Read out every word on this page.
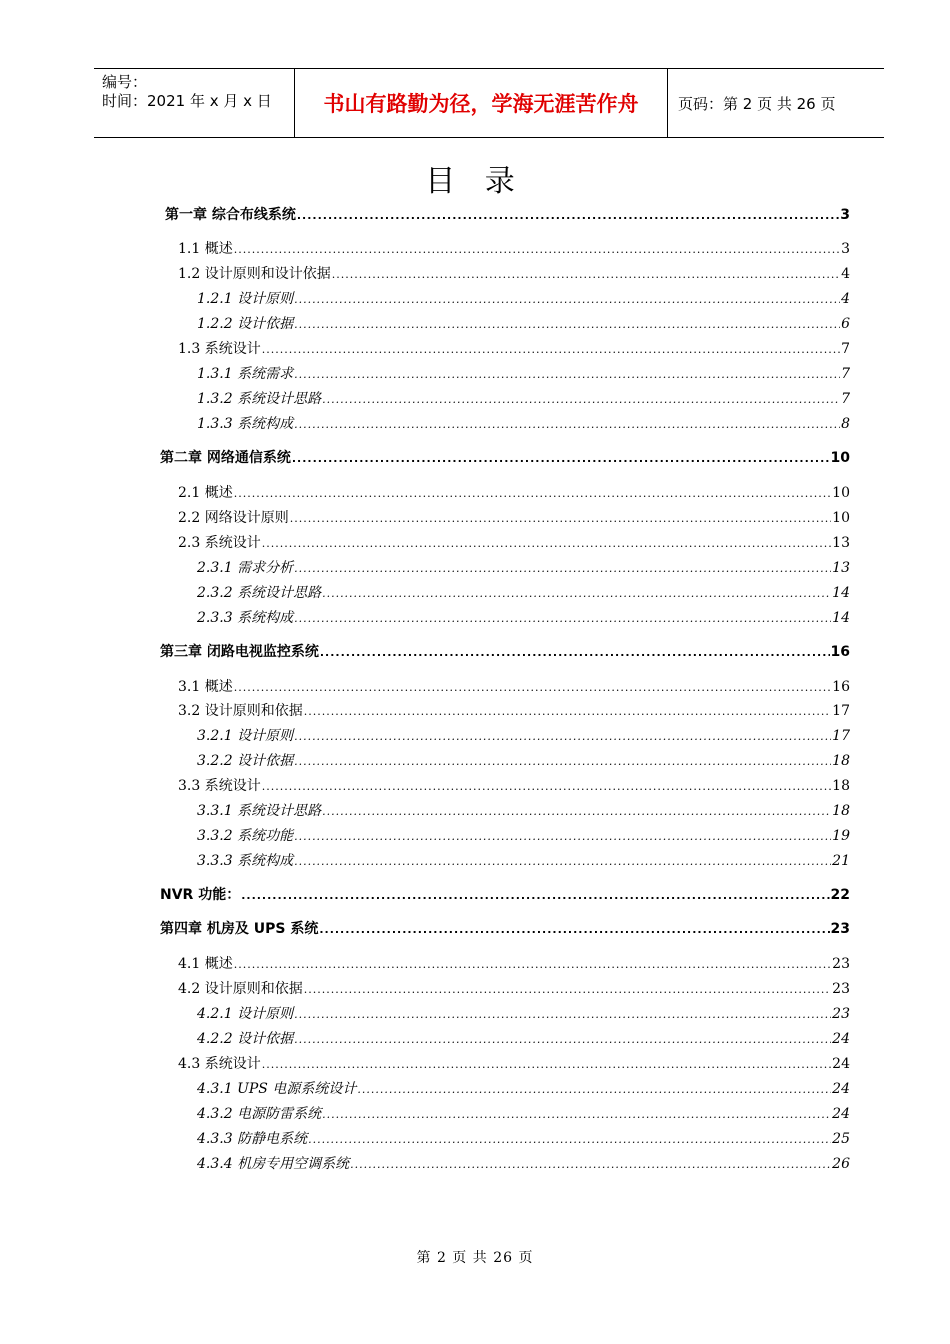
编号：
时间：2021 年 x 月 x 日	书山有路勤为径，学海无涯苦作舟	页码：第 2 页 共 26 页
目 录
第一章 综合布线系统 .....	3
1.1 概述 .....	3
1.2 设计原则和设计依据 .....	4
1.2.1 设计原则 .....	4
1.2.2 设计依据 .....	6
1.3 系统设计 .....	7
1.3.1 系统需求 .....	7
1.3.2 系统设计思路 .....	7
1.3.3 系统构成 .....	8
第二章 网络通信系统 .....	10
2.1 概述 .....	10
2.2 网络设计原则 .....	10
2.3 系统设计 .....	13
2.3.1 需求分析 .....	13
2.3.2 系统设计思路 .....	14
2.3.3 系统构成 .....	14
第三章 闭路电视监控系统 .....	16
3.1 概述 .....	16
3.2 设计原则和依据 .....	17
3.2.1 设计原则 .....	17
3.2.2 设计依据 .....	18
3.3 系统设计 .....	18
3.3.1 系统设计思路 .....	18
3.3.2 系统功能 .....	19
3.3.3 系统构成 .....	21
NVR 功能： .....	22
第四章 机房及 UPS 系统 .....	23
4.1 概述 .....	23
4.2 设计原则和依据 .....	23
4.2.1 设计原则 .....	23
4.2.2 设计依据 .....	24
4.3 系统设计 .....	24
4.3.1 UPS 电源系统设计 .....	24
4.3.2 电源防雷系统 .....	24
4.3.3 防静电系统 .....	25
4.3.4 机房专用空调系统 .....	26
第 2 页 共 26 页
